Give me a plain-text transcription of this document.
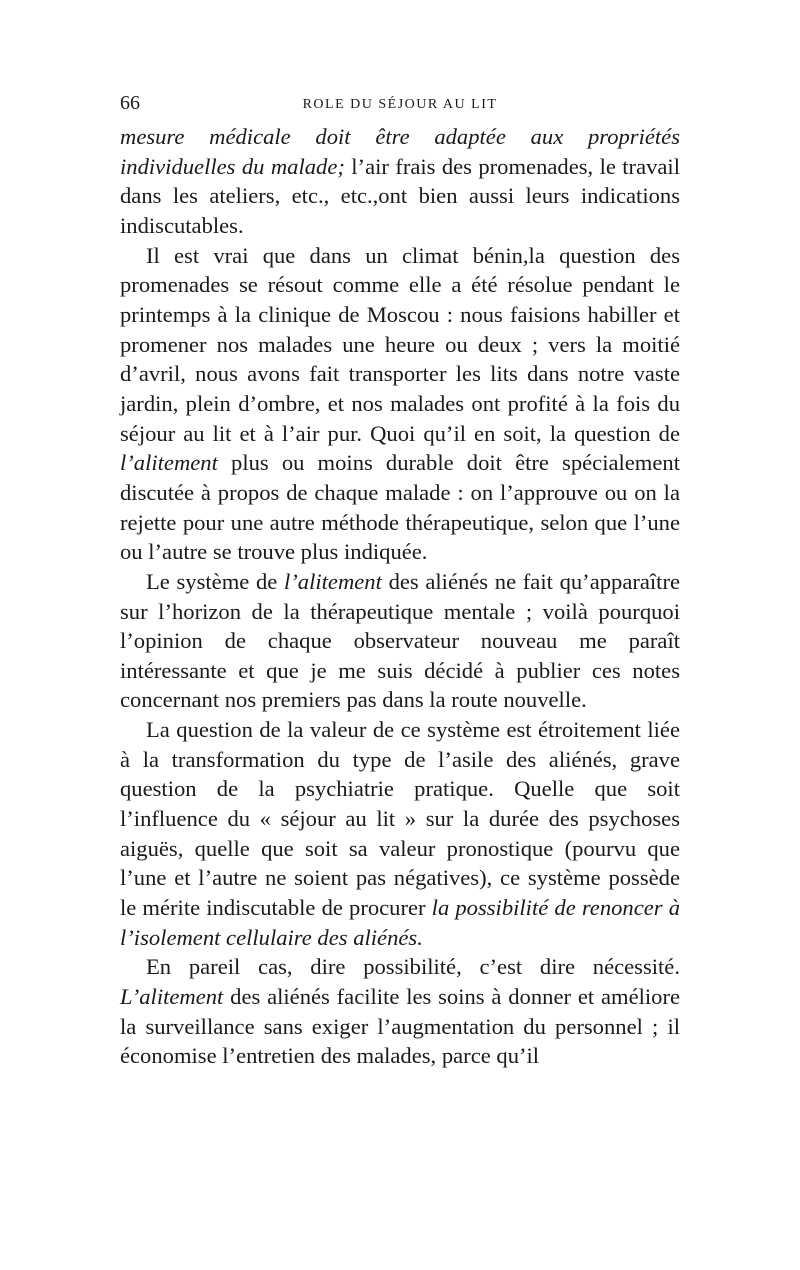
66	ROLE DU SÉJOUR AU LIT

mesure médicale doit être adaptée aux propriétés individuelles du malade; l’air frais des promenades, le travail dans les ateliers, etc., etc.,ont bien aussi leurs indications indiscutables.

Il est vrai que dans un climat bénin,la question des promenades se résout comme elle a été résolue pendant le printemps à la clinique de Moscou : nous faisions habiller et promener nos malades une heure ou deux ; vers la moitié d’avril, nous avons fait transporter les lits dans notre vaste jardin, plein d’ombre, et nos malades ont profité à la fois du séjour au lit et à l’air pur. Quoi qu’il en soit, la question de l’alitement plus ou moins durable doit être spécialement discutée à propos de chaque malade : on l’approuve ou on la rejette pour une autre méthode thérapeutique, selon que l’une ou l’autre se trouve plus indiquée.

Le système de l’alitement des aliénés ne fait qu’apparaître sur l’horizon de la thérapeutique mentale ; voilà pourquoi l’opinion de chaque observateur nouveau me paraît intéressante et que je me suis décidé à publier ces notes concernant nos premiers pas dans la route nouvelle.

La question de la valeur de ce système est étroitement liée à la transformation du type de l’asile des aliénés, grave question de la psychiatrie pratique. Quelle que soit l’influence du « séjour au lit » sur la durée des psychoses aiguës, quelle que soit sa valeur pronostique (pourvu que l’une et l’autre ne soient pas négatives), ce système possède le mérite indiscutable de procurer la possibilité de renoncer à l’isolement cellulaire des aliénés.

En pareil cas, dire possibilité, c’est dire nécessité. L’alitement des aliénés facilite les soins à donner et améliore la surveillance sans exiger l’augmentation du personnel ; il économise l’entretien des malades, parce qu’il
